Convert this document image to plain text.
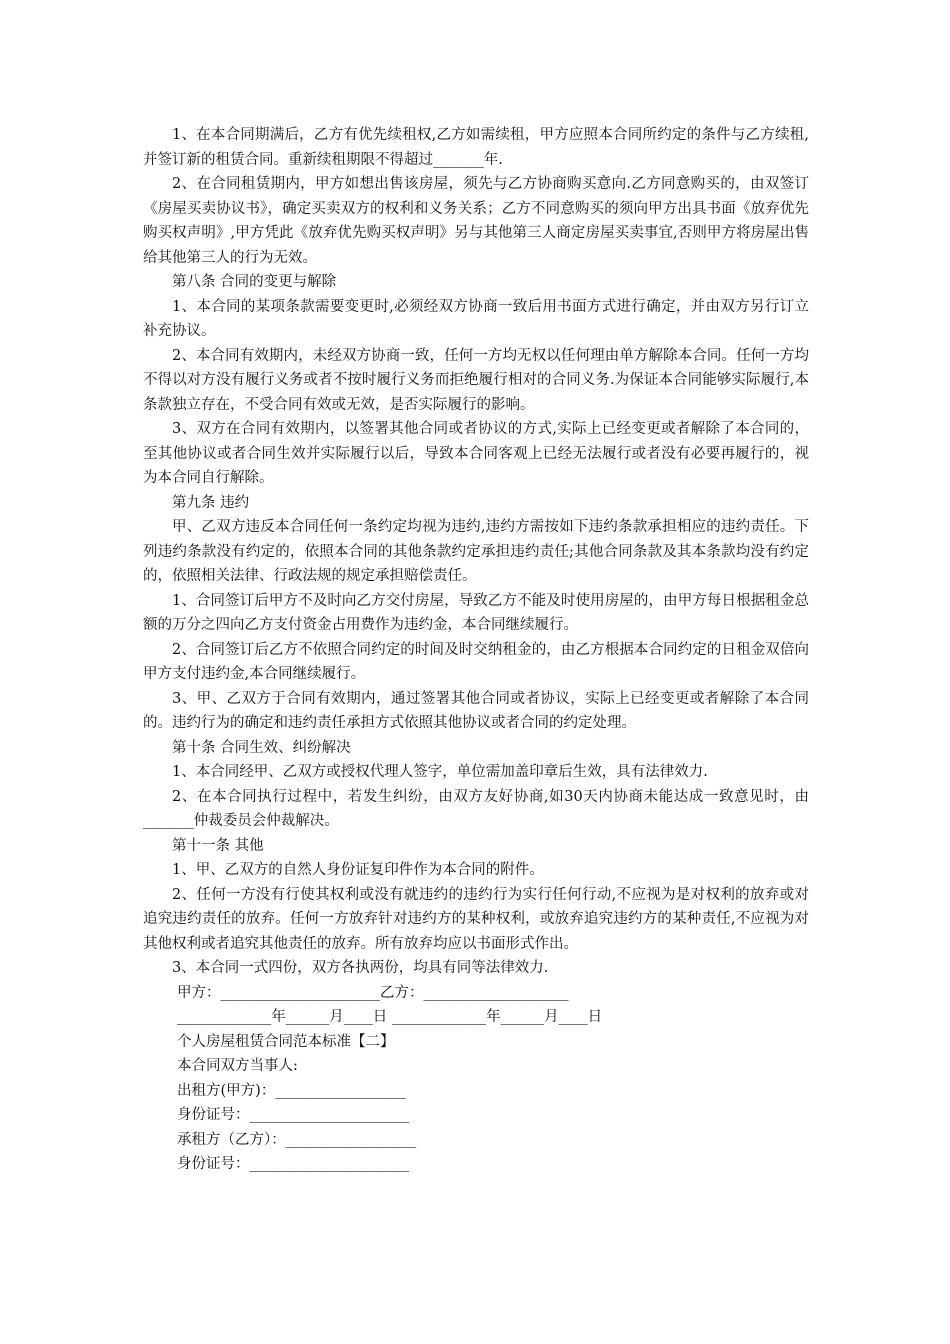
1、在本合同期满后，乙方有优先续租权,乙方如需续租，甲方应照本合同所约定的条件与乙方续租,并签订新的租赁合同。重新续租期限不得超过_______年.

2、在合同租赁期内，甲方如想出售该房屋，须先与乙方协商购买意向.乙方同意购买的，由双签订《房屋买卖协议书》，确定买卖双方的权利和义务关系；乙方不同意购买的须向甲方出具书面《放弃优先购买权声明》,甲方凭此《放弃优先购买权声明》另与其他第三人商定房屋买卖事宜,否则甲方将房屋出售给其他第三人的行为无效。

第八条 合同的变更与解除

1、本合同的某项条款需要变更时,必须经双方协商一致后用书面方式进行确定，并由双方另行订立补充协议。

2、本合同有效期内，未经双方协商一致，任何一方均无权以任何理由单方解除本合同。任何一方均不得以对方没有履行义务或者不按时履行义务而拒绝履行相对的合同义务.为保证本合同能够实际履行,本条款独立存在，不受合同有效或无效，是否实际履行的影响。

3、双方在合同有效期内，以签署其他合同或者协议的方式,实际上已经变更或者解除了本合同的，至其他协议或者合同生效并实际履行以后，导致本合同客观上已经无法履行或者没有必要再履行的，视为本合同自行解除。

第九条 违约

甲、乙双方违反本合同任何一条约定均视为违约,违约方需按如下违约条款承担相应的违约责任。下列违约条款没有约定的，依照本合同的其他条款约定承担违约责任;其他合同条款及其本条款均没有约定的，依照相关法律、行政法规的规定承担赔偿责任。

1、合同签订后甲方不及时向乙方交付房屋，导致乙方不能及时使用房屋的，由甲方每日根据租金总额的万分之四向乙方支付资金占用费作为违约金，本合同继续履行。

2、合同签订后乙方不依照合同约定的时间及时交纳租金的，由乙方根据本合同约定的日租金双倍向甲方支付违约金,本合同继续履行。

3、甲、乙双方于合同有效期内，通过签署其他合同或者协议，实际上已经变更或者解除了本合同的。违约行为的确定和违约责任承担方式依照其他协议或者合同的约定处理。

第十条 合同生效、纠纷解决

1、本合同经甲、乙双方或授权代理人签字，单位需加盖印章后生效，具有法律效力.

2、在本合同执行过程中，若发生纠纷，由双方友好协商,如30天内协商未能达成一致意见时，由_______仲裁委员会仲裁解决。

第十一条 其他

1、甲、乙双方的自然人身份证复印件作为本合同的附件。

2、任何一方没有行使其权利或没有就违约的违约行为实行任何行动,不应视为是对权利的放弃或对追究违约责任的放弃。任何一方放弃针对违约方的某种权利，或放弃追究违约方的某种责任,不应视为对其他权利或者追究其他责任的放弃。所有放弃均应以书面形式作出。

3、本合同一式四份，双方各执两份，均具有同等法律效力.

甲方：______________________乙方：____________________

_____________年______月____日 _____________年______月____日

个人房屋租赁合同范本标准【二】

本合同双方当事人:

出租方(甲方)：__________________

身份证号：______________________

承租方（乙方）：__________________

身份证号：______________________
